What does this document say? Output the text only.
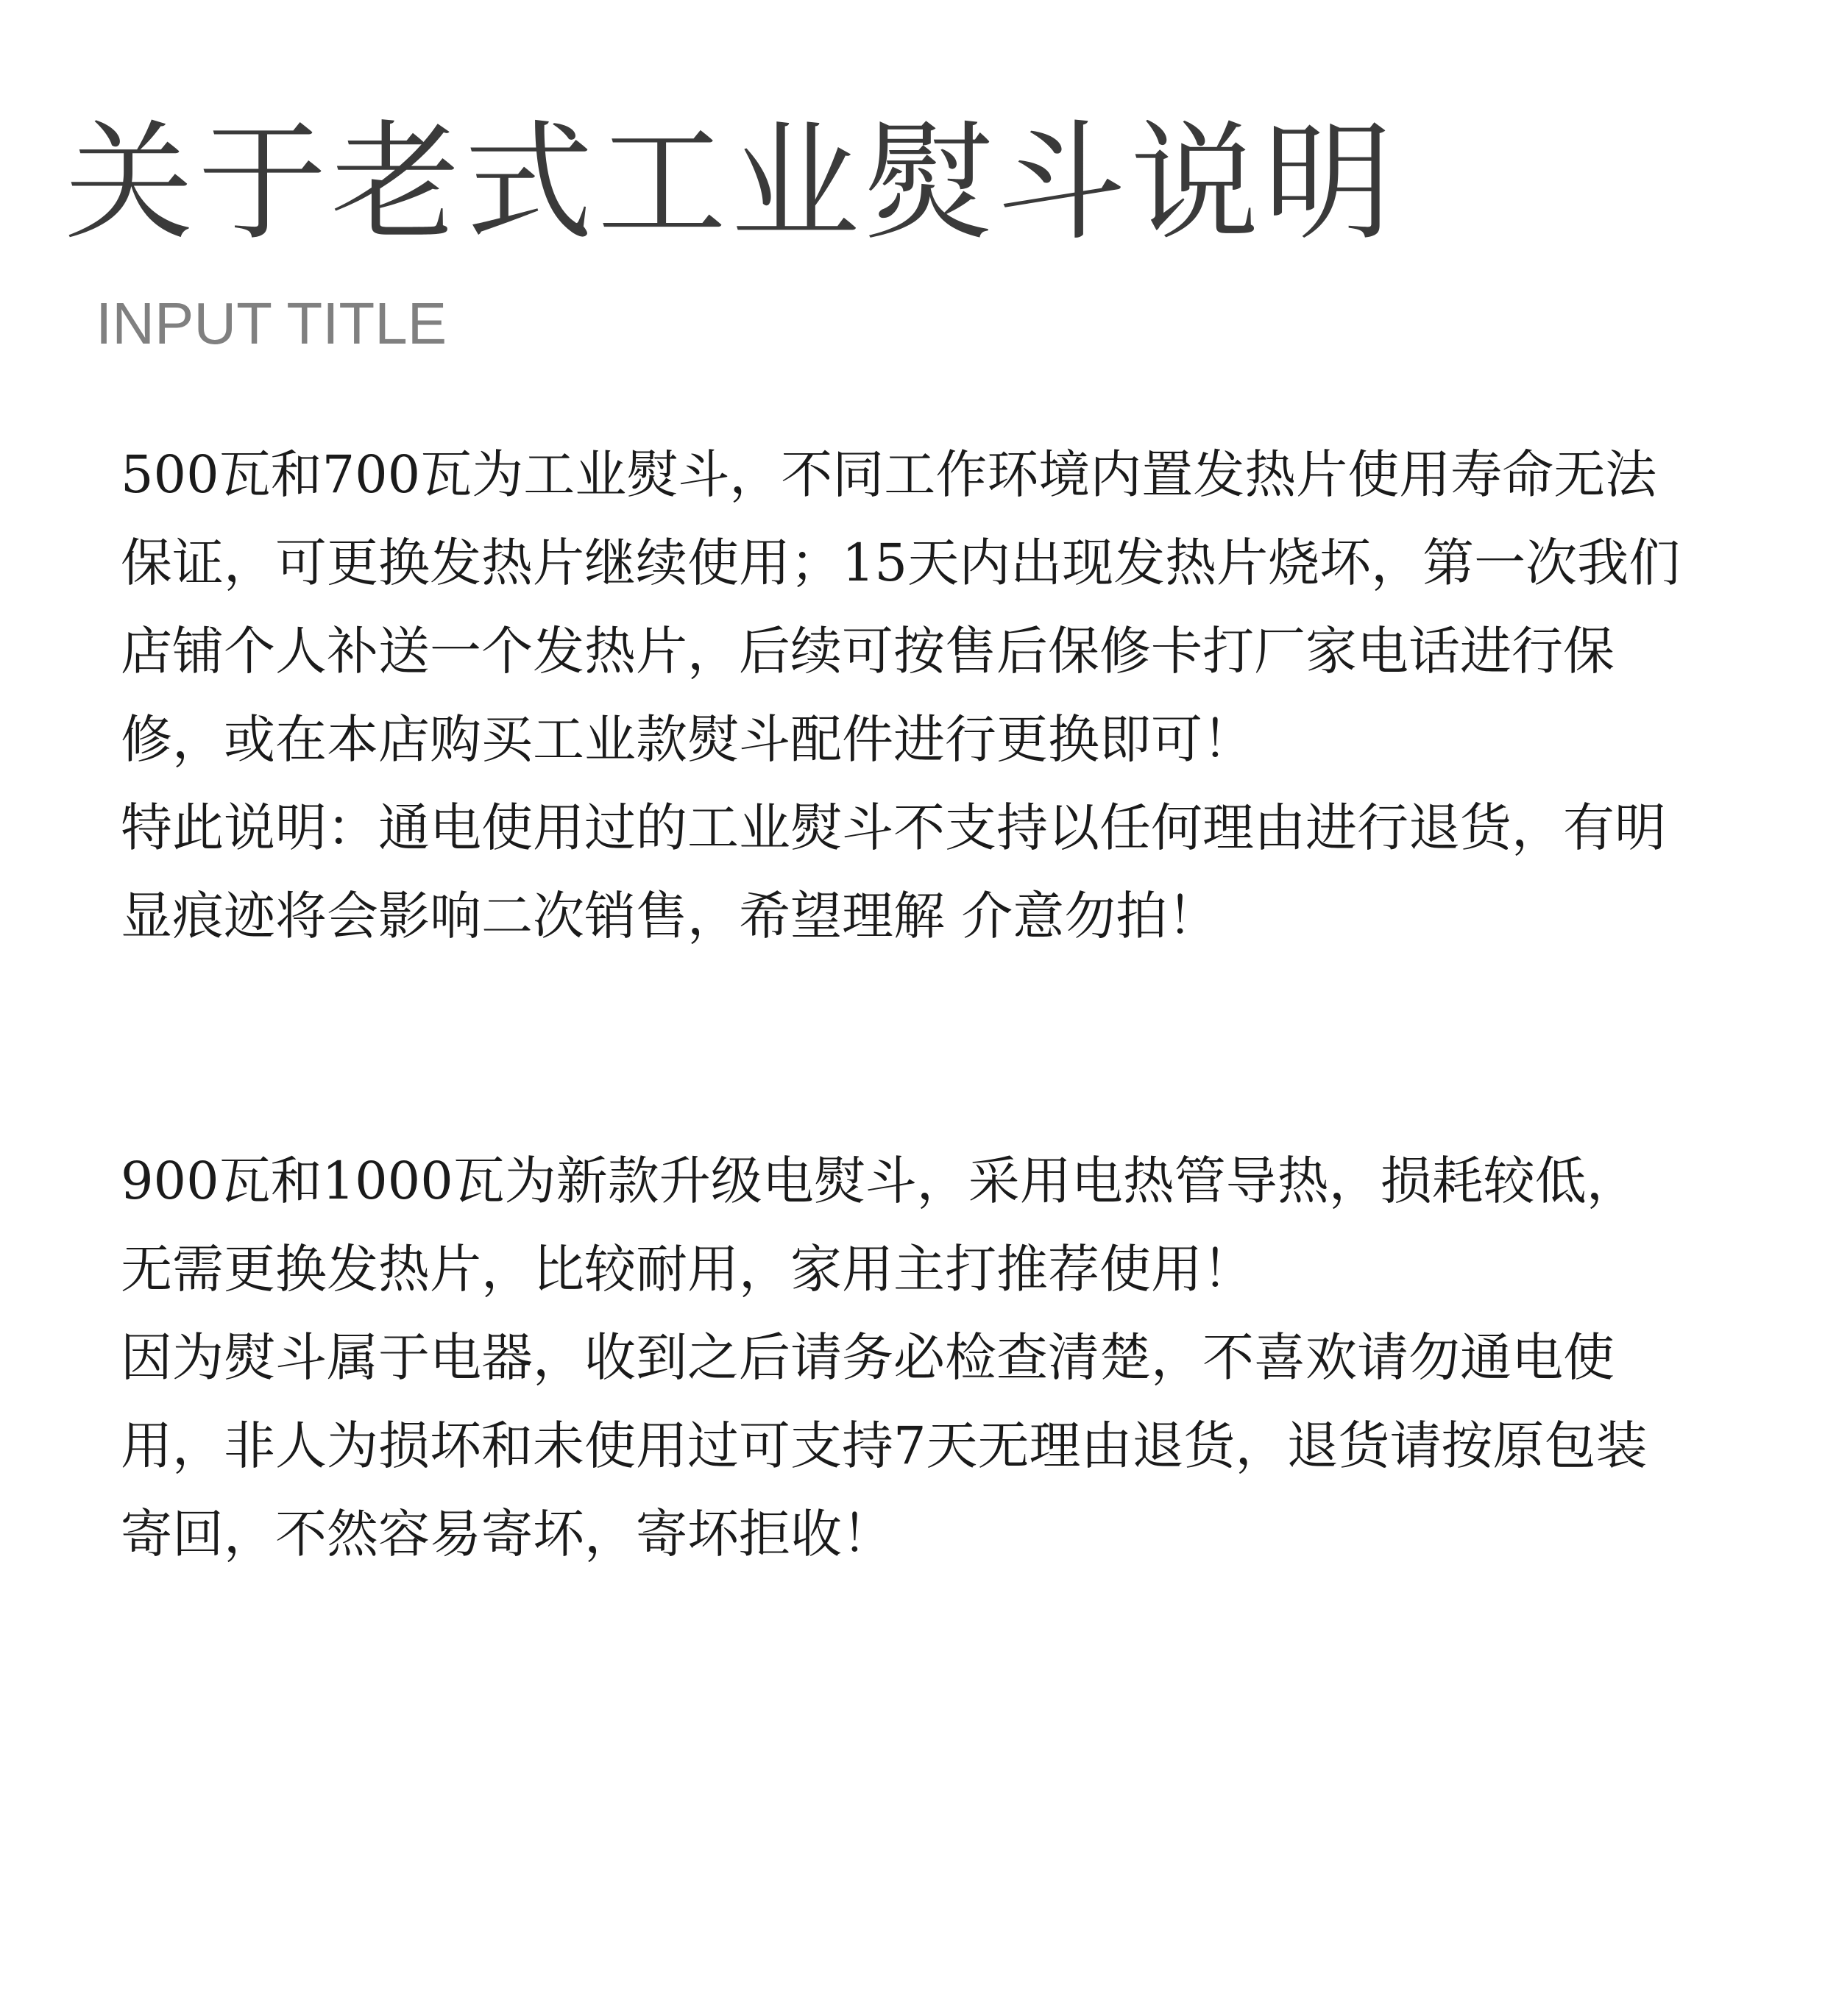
关于老式工业熨斗说明
INPUT TITLE

500瓦和700瓦为工业熨斗，不同工作环境内置发热片使用寿命无法保证，可更换发热片继续使用；15天内出现发热片烧坏，第一次我们店铺个人补送一个发热片，后续可按售后保修卡打厂家电话进行保修，或在本店购买工业款熨斗配件进行更换即可！

特此说明：通电使用过的工业熨斗不支持以任何理由进行退货，有明显痕迹将会影响二次销售，希望理解 介意勿拍！

900瓦和1000瓦为新款升级电熨斗，采用电热管导热，损耗较低，无需更换发热片，比较耐用，家用主打推荐使用！

因为熨斗属于电器，收到之后请务必检查清楚，不喜欢请勿通电使用，非人为损坏和未使用过可支持7天无理由退货，退货请按原包装寄回，不然容易寄坏，寄坏拒收！
